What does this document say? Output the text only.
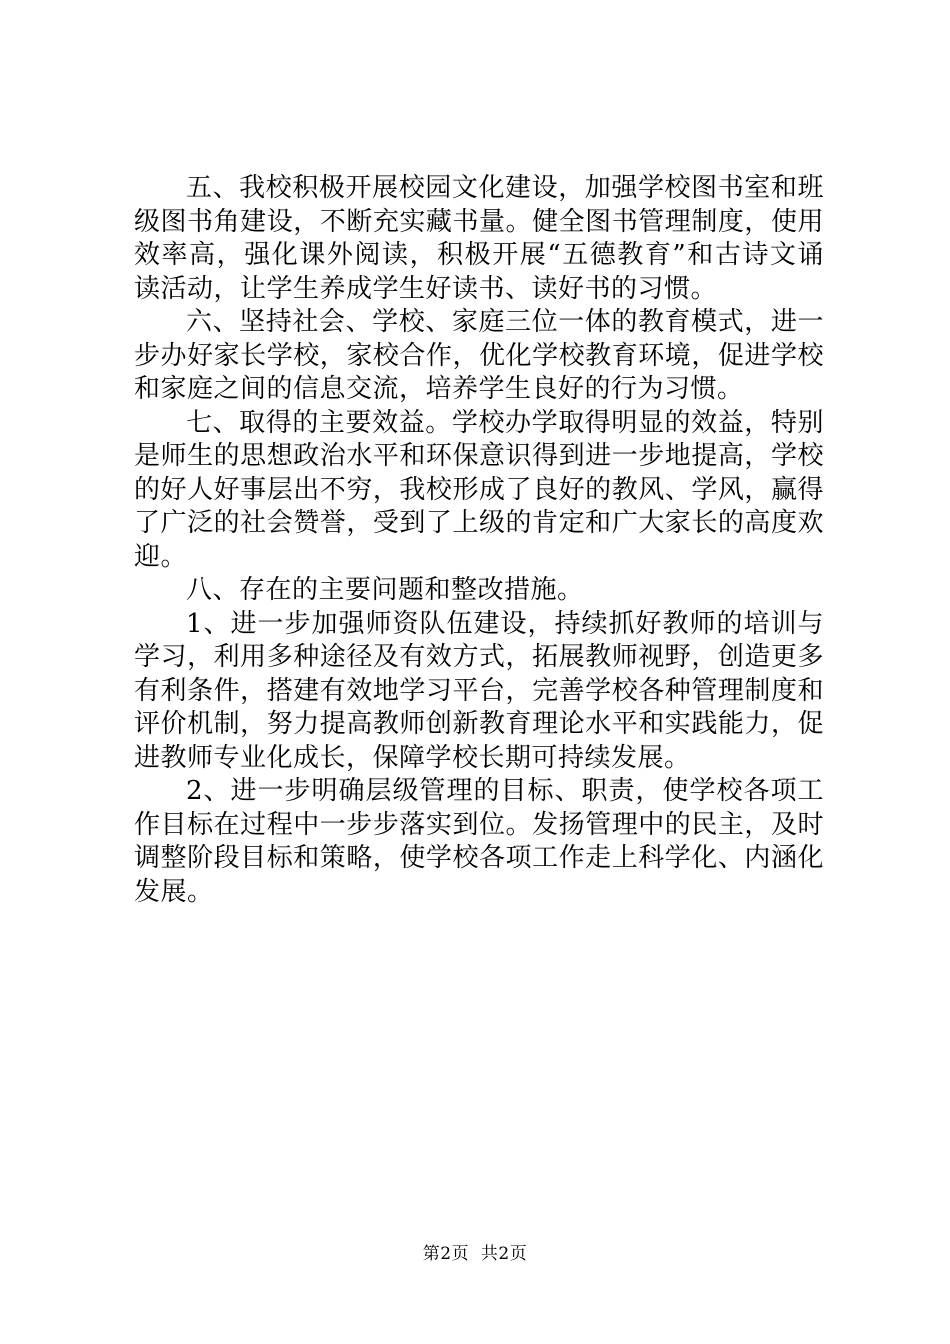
五、我校积极开展校园文化建设，加强学校图书室和班级图书角建设，不断充实藏书量。健全图书管理制度，使用效率高，强化课外阅读，积极开展“五德教育”和古诗文诵读活动，让学生养成学生好读书、读好书的习惯。

六、坚持社会、学校、家庭三位一体的教育模式，进一步办好家长学校，家校合作，优化学校教育环境，促进学校和家庭之间的信息交流，培养学生良好的行为习惯。

七、取得的主要效益。学校办学取得明显的效益，特别是师生的思想政治水平和环保意识得到进一步地提高，学校的好人好事层出不穷，我校形成了良好的教风、学风，赢得了广泛的社会赞誉，受到了上级的肯定和广大家长的高度欢迎。

八、存在的主要问题和整改措施。

1、进一步加强师资队伍建设，持续抓好教师的培训与学习，利用多种途径及有效方式，拓展教师视野，创造更多有利条件，搭建有效地学习平台，完善学校各种管理制度和评价机制，努力提高教师创新教育理论水平和实践能力，促进教师专业化成长，保障学校长期可持续发展。

2、进一步明确层级管理的目标、职责，使学校各项工作目标在过程中一步步落实到位。发扬管理中的民主，及时调整阶段目标和策略，使学校各项工作走上科学化、内涵化发展。

第2页  共2页
